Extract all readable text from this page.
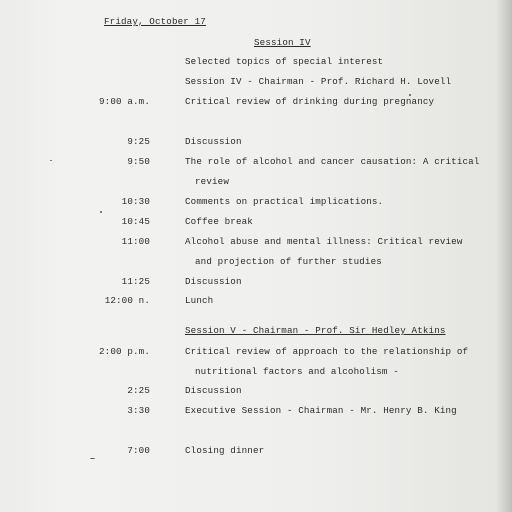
Friday, October 17
Session IV
Selected topics of special interest
Session IV - Chairman - Prof. Richard H. Lovell
9:00 a.m.	Critical review of drinking during pregnancy
9:25	Discussion
9:50	The role of alcohol and cancer causation: A critical
review
10:30	Comments on practical implications.
10:45	Coffee break
11:00	Alcohol abuse and mental illness: Critical review
and projection of further studies
11:25	Discussion
12:00 n.	Lunch
Session V - Chairman - Prof. Sir Hedley Atkins
2:00 p.m.	Critical review of approach to the relationship of
nutritional factors and alcoholism -
2:25	Discussion
3:30	Executive Session - Chairman - Mr. Henry B. King
7:00	Closing dinner
